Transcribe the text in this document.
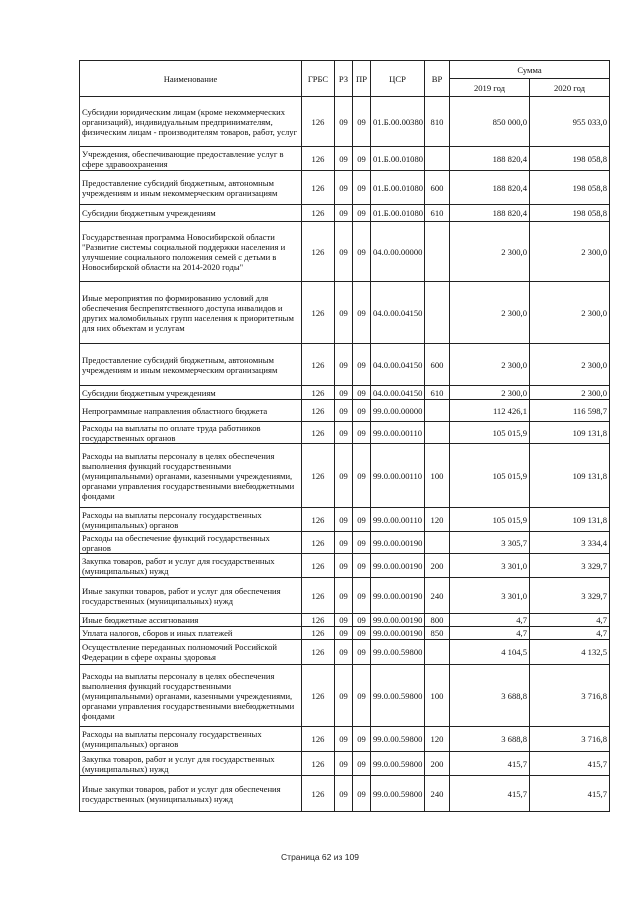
Наименование	ГРБС	РЗ	ПР	ЦСР	ВР	Сумма	
						2019 год	2020 год
Субсидии юридическим лицам (кроме некоммерческих организаций), индивидуальным предпринимателям, физическим лицам - производителям товаров, работ, услуг	126	09	09	01.Б.00.00380	810	850 000,0	955 033,0
Учреждения, обеспечивающие предоставление услуг в сфере здравоохранения	126	09	09	01.Б.00.01080		188 820,4	198 058,8
Предоставление субсидий бюджетным, автономным учреждениям и иным некоммерческим организациям	126	09	09	01.Б.00.01080	600	188 820,4	198 058,8
Субсидии бюджетным учреждениям	126	09	09	01.Б.00.01080	610	188 820,4	198 058,8
Государственная программа Новосибирской области "Развитие системы социальной поддержки населения и улучшение социального положения семей с детьми в Новосибирской области на 2014-2020 годы"	126	09	09	04.0.00.00000		2 300,0	2 300,0
Иные мероприятия по формированию условий для обеспечения беспрепятственного доступа инвалидов и других маломобильных групп населения к приоритетным для них объектам и услугам	126	09	09	04.0.00.04150		2 300,0	2 300,0
Предоставление субсидий бюджетным, автономным учреждениям и иным некоммерческим организациям	126	09	09	04.0.00.04150	600	2 300,0	2 300,0
Субсидии бюджетным учреждениям	126	09	09	04.0.00.04150	610	2 300,0	2 300,0
Непрограммные направления областного бюджета	126	09	09	99.0.00.00000		112 426,1	116 598,7
Расходы на выплаты по оплате труда работников государственных органов	126	09	09	99.0.00.00110		105 015,9	109 131,8
Расходы на выплаты персоналу в целях обеспечения выполнения функций государственными (муниципальными) органами, казенными учреждениями, органами управления государственными внебюджетными фондами	126	09	09	99.0.00.00110	100	105 015,9	109 131,8
Расходы на выплаты персоналу государственных (муниципальных) органов	126	09	09	99.0.00.00110	120	105 015,9	109 131,8
Расходы на обеспечение функций государственных органов	126	09	09	99.0.00.00190		3 305,7	3 334,4
Закупка товаров, работ и услуг для государственных (муниципальных) нужд	126	09	09	99.0.00.00190	200	3 301,0	3 329,7
Иные закупки товаров, работ и услуг для обеспечения государственных (муниципальных) нужд	126	09	09	99.0.00.00190	240	3 301,0	3 329,7
Иные бюджетные ассигнования	126	09	09	99.0.00.00190	800	4,7	4,7
Уплата налогов, сборов и иных платежей	126	09	09	99.0.00.00190	850	4,7	4,7
Осуществление переданных полномочий Российской Федерации в сфере охраны здоровья	126	09	09	99.0.00.59800		4 104,5	4 132,5
Расходы на выплаты персоналу в целях обеспечения выполнения функций государственными (муниципальными) органами, казенными учреждениями, органами управления государственными внебюджетными фондами	126	09	09	99.0.00.59800	100	3 688,8	3 716,8
Расходы на выплаты персоналу государственных (муниципальных) органов	126	09	09	99.0.00.59800	120	3 688,8	3 716,8
Закупка товаров, работ и услуг для государственных (муниципальных) нужд	126	09	09	99.0.00.59800	200	415,7	415,7
Иные закупки товаров, работ и услуг для обеспечения государственных (муниципальных) нужд	126	09	09	99.0.00.59800	240	415,7	415,7
Страница 62 из 109
